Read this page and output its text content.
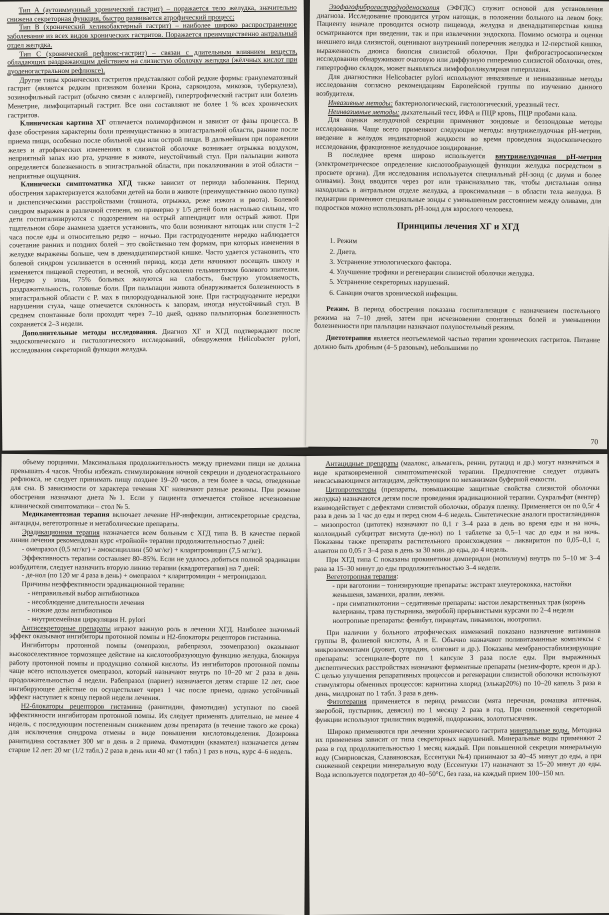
Тип А (аутоиммунный хронический гастрит) – поражается тело желудка, значительно снижена секреторная функция, быстро развивается атрофический процесс;

Тип В (хронический хеликобактерный гастрит) – наиболее широко распространенное заболевание из всех видов хронических гастритов. Поражается преимущественно антральный отдел желудка.

Тип С (хронический рефлюкс-гастрит) – связан с длительным влиянием веществ, обладающих раздражающим действием на слизистую оболочку желудка (жёлчных кислот при дуоденогастральном рефлюксе).

Другие типы хронических гастритов представляют собой редкие формы: гранулематозный гастрит (является редким признаком болезни Крона, саркоидоза, микозов, туберкулеза), эозинофильный гастрит (обычно связан с аллергией), гипертрофический гастрит или болезнь Менетрие, лимфоцитарный гастрит. Все они составляют не более 1 % всех хронических гастритов.

Клиническая картина ХГ отличается полиморфизмом и зависит от фазы процесса. В фазе обострения характерны боли преимущественно в эпигастральной области, ранние после приема пищи, особенно после обильной еды или острой пищи. В дальнейшем при поражении желез и атрофических изменениях в слизистой оболочке возникает отрыжка воздухом, неприятный запах изо рта, урчание в животе, неустойчивый стул. При пальпации живота определяется болезненность в эпигастральной области, при покалачивании в этой области – неприятные ощущения.

Клинически симптоматика ХГД также зависит от периода заболевания. Период обострения характеризуется жалобами детей на боли в животе (преимущественно около пупка) и диспепсическими расстройствами (тошнота, отрыжка, реже изжога и рвота). Болевой синдром выражен в различной степени, но примерно у 1/5 детей боли настолько сильны, что дети госпитализируются с подозрением на острый аппендицит или острый живот. При тщательном сборе анамнеза удается установить, что боли возникают натощак или спустя 1–2 часа после еды и относительно редко – ночью. При гастродуодените нередко наблюдается сочетание ранних и поздних болей – это свойственно тем формам, при которых изменения в желудке выражены больше, чем в двенадцатиперстной кишке. Часто удается установить, что болевой синдром усиливается в осенний период, когда дети начинают посещать школу и изменяется пищевой стереотип, и весной, что обусловлено гельминтозом болевого эпителия. Нередко у этим, 75% больных жалуются на слабость, быструю утомляемость, раздражительность, головные боли. При пальпации живота обнаруживается болезненность в эпигастральной области с Р. мах в пилородуоденальной зоне. При гастродуодените нередки нарушения стула, чаще отмечается склонность к запорам, иногда неустойчивый стул. В среднем спонтанные боли проходят через 7–10 дней, однако пальпаторная болезненность сохраняется 2–3 недели.

Дополнительные методы исследования. Диагноз ХГ и ХГД подтверждают после эндоскопического и гистологического исследований, обнаружения Helicobacter pylori, исследования секреторной функции желудка.

Эзофагофиброгастродуоденоскопия (ЭФГДС) служит основой для установления диагноза. Исследование проводится утром натощак, в положении больного на левом боку. Пациенту вначале проводится осмотр пищевода, желудка и двенадцатиперстная кишка осматриваются при введении, так и при извлечении эндоскопа. Помимо осмотра и оценки внешнего вида слизистой, оценивают внутренний поперечник желудка и 12-перстной кишки, выраженность диоиса биопсия слизистой оболочки. При фиброгастроскопическом исследовании обнаруживают очаговую или диффузную гиперемию слизистой оболочки, отек, гипертрофию складок, может выявляться лимфофолликулярная гиперплазия.

Для диагностики Helicobacter pylori используют инвазивные и неинвазивные методы исследования согласно рекомендациям Европейской группы по изучению данного возбудителя.

Инвазивные методы: бактериологический, гистологический, уреазный тест.

Неинвазивные методы: дыхательный тест, ИФА и ПЦР кровь, ПЦР пробами кала.

Для оценки желудочной секреции применяют зондовые и беззондовые методы исследования. Чаще всего применяют следующие методы: внутрижелудочная рН-метрия, введение в желудок индикаторной жидкости во время проведения эндоскопического исследования, фракционное желудочное зондирование.

В последнее время широко используется внутрижелудочная рН-метрия (электрометрическое определение кислотообразующей функции желудка посредством в просвете органа). Для исследования используется специальный рН-зонд (с двумя и более оливами). Зонд вводится через рот или трансназально так, чтобы дистальная олива находилась в антральном отделе желудка, а проксимальная – в области тела желудка. В педиатрии применяют специальные зонды с уменьшенным расстоянием между оливами, для подростков можно использовать рН-зонд для взрослого человека.

Принципы лечения ХГ и ХГД
1. Режим
2. Диета.
3. Устранение этиологического фактора.
4. Улучшение трофики и регенерации слизистой оболочки желудка.
5. Устранение секреторных нарушений.
6. Санация очагов хронической инфекции.

Режим. В период обострения показана госпитализация с назначением постельного режима на 7–10 дней, затем при исчезновении спонтанных болей и уменьшении болезненности при пальпации назначают полупостельный режим.

Диетотерапия является неотъемлемой частью терапии хронических гастритов. Питание должно быть дробным (4–5 разовым), небольшими по

70

объему порциями. Максимальная продолжительность между приемами пищи не должна превышать 4 часов. Чтобы избежать стимулирования ночной секреции и дуоденогастрального рефлюкса, не следует принимать пищу позднее 19–20 часов, а тем более в часы, отведенные для сна. В зависимости от характера течения ХГ назначают разные режимы. При режиме обострения назначают диета №1. Если у пациента отмечается стойкое исчезновение клинической симптоматики – стол № 5.

Медикаментозная терапия включает лечение НР-инфекции, антисекреторные средства, антациды, вегетотропные и метаболические препараты.

Эрадикационная терапия назначается всем больным с ХГД типа В. В качестве первой линии лечения рекомендован курс «тройной» терапии продолжительностью 7 дней:

- омепразол (0,5 мг/кг) + амоксициллин (50 мг/кг) + кларитромицин (7,5 мг/кг).

Эффективность терапии составляет 80–85%. Если не удалось добиться полной эрадикации возбудителя, следует назначить вторую линию терапии (квадротерапия) на 7 дней:

- де-нол (по 120 мг 4 раза в день) + омепразол + кларитромицин + метронидазол.

Причины неэффективности эрадикационной терапии:

- неправильный выбор антибиотиков
- несоблюдение длительности лечения
- низкие дозы антибиотиков
- внутрисемейная циркуляция H. pylori

Антисекреторные препараты играют важную роль в лечении ХГД. Наиболее значимый эффект оказывают ингибиторы протонной помпы и Н2-блокаторы рецепторов гистамина.

Ингибиторы протонной помпы (омепразол, рабепразол, эзомепразол) оказывают высокоселективное тормозящее действие на кислотообразующую функцию желудка, блокируя работу протонной помпы и продукцию соляной кислоты. Из ингибиторов протонной помпы чаще всего используется омепразол, который назначают внутрь по 10–20 мг 2 раза в день продолжительностью 4 недели. Рабепразол (париет) назначается детям старше 12 лет, свое ингибирующее действие он осуществляет через 1 час после приема, однако устойчивый эффект наступает к концу первой недели лечения.

Н2-блокаторы рецепторов гистамина (ранитидин, фамотидин) уступают по своей эффективности ингибиторам протонной помпы. Их следует применять длительно, не менее 4 недель, с последующим постепенным снижением дозы препарата (в течение такого же срока) для исключения синдрома отмены в виде повышения кислотовыделения. Дозировка ранитидина составляет 300 мг в день в 2 приема. Фамотидин (квамател) назначается детям старше 12 лет: 20 мг (1/2 табл.) 2 раза в день или 40 мг (1 табл.) 1 раз в ночь, курс 4–6 недель.

Антацидные препараты (маалокс, альмагель, ренни, рутацид и др.) могут назначаться в виде кратковременной симптоматической терапии. Предпочтение следует отдавать невсасывающимся антацидам, действующим по механизмам буферной емкости.

Цитопротекторы (препараты, повышающие защитные свойства слизистой оболочки желудка) назначаются детям после проведения эрадикационной терапии. Сукральфат (вентер) взаимодействует с дефектами слизистой оболочки, образуя пленку. Применяется он по 0,5г 4 раза в день за 1 час до еды и перед сном 4–6 недель. Синтетические аналоги простагландинов – мизопростол (цитотек) назначают по 0,1 г 3–4 раза в день во время еды и на ночь, коллоидный субцитрат висмута (де-нол) по 1 таблетке за 0,5–1 час до еды и на ночь. Показаны также препараты растительного происхождения – ликвиритон по 0,05–0,1 г, алантон по 0,05 г 3–4 раза в день за 30 мин. до еды, до 4 недель.

При ХГД типа С показаны прокинетики домперидон (мотилиум) внутрь по 5–10 мг 3–4 раза за 15–30 минут до еды продолжительностью 3–4 недели.

Вегетотропная терапия:

- при ваготонии – тонизирующие препараты: экстракт элеутерококка, настойки женьшеня, заманихи, аралии, левзеи.
- при симпатикотонии – седативные препараты: настои лекарственных трав (корень валерианы, трава пустырника, зверобой) прерывистыми курсами по 2–4 недели ноотропные препараты: фенибут, пирацетам, пикамилон, ноотропил.

При наличии у больного атрофических изменений показано назначение витаминов группы В, фолиевой кислоты, А и Е. Обычно назначают поливитаминные комплексы с микроэлементами (дуовит, супрадин, олиговит и др.). Показаны мембраностабилизирующие препараты: эссенциале-форте по 1 капсуле 3 раза после еды. При выраженных диспептических расстройствах назначают ферментные препараты (мезим-форте, креон и др.). С целью улучшения репаративных процессов и регенерации слизистой оболочки используют стимуляторы обменных процессов: карнитина хлорид (элькар20%) по 10–20 капель 3 раза в день, милдронат по 1 табл. 3 раза в день.

Фитотерапия применяется в период ремиссии (мята перечная, ромашка аптечная, зверобой, пустырник, девясил) по 1 месяцу 2 раза в год. При сниженной секреторной функции используют трилистник водяной, подорожник, золототысячник.

Широко применяются при лечении хронического гастрита минеральные воды. Методика их применения зависит от типа секреторных нарушений. Минеральные воды применяют 2 раза в год продолжительностью 1 месяц каждый. При повышенной секреции минеральную воду (Смирновская, Славяновская, Ессентуки №4) принимают за 40–45 минут до еды, а при сниженной секреции минеральную воду (Ессентуки 17) назначают за 15–20 минут до еды. Вода используется подогретая до 40–50°С, без газа, на каждый прием 100–150 мл.
